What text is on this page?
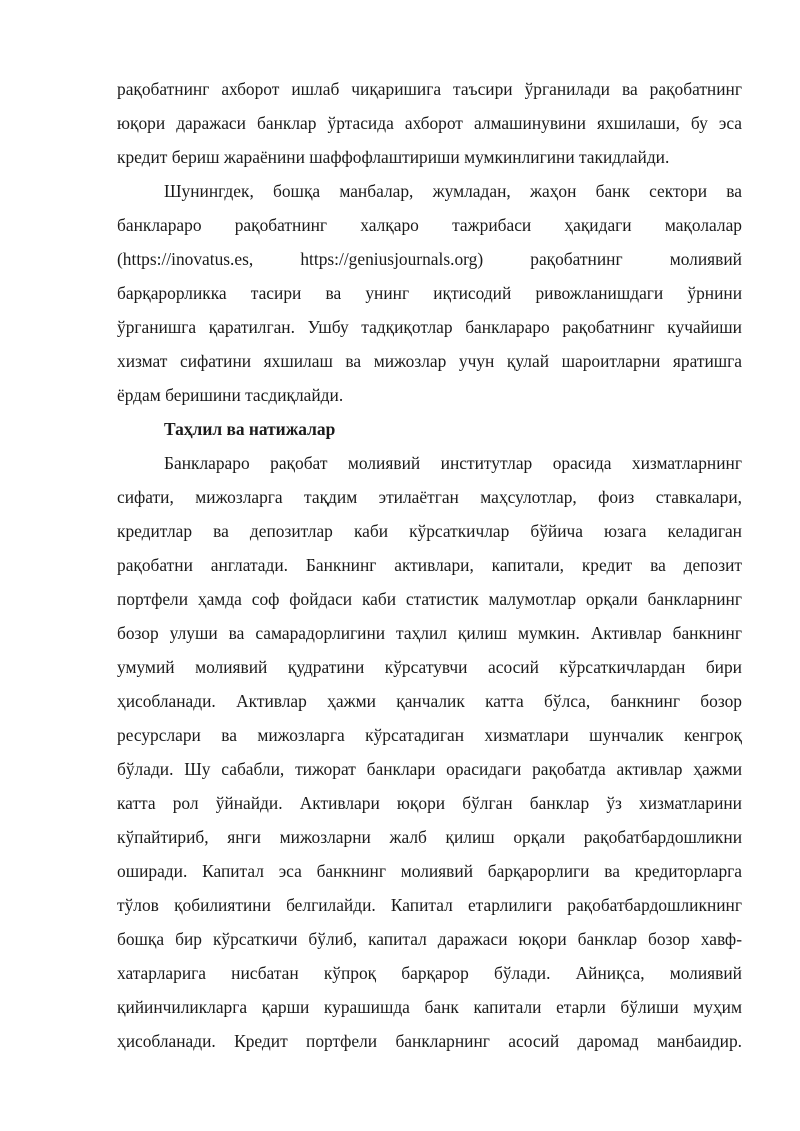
рақобатнинг ахборот ишлаб чиқаришига таъсири ўрганилади ва рақобатнинг
юқори даражаси банклар ўртасида ахборот алмашинувини яхшилаши, бу эса
кредит бериш жараёнини шаффофлаштириши мумкинлигини такидлайди.
Шунингдек, бошқа манбалар, жумладан, жаҳон банк сектори ва
банклараро рақобатнинг халқаро тажрибаси ҳақидаги мақолалар
(https://inovatus.es, https://geniusjournals.org) рақобатнинг молиявий
барқарорликка тасири ва унинг иқтисодий ривожланишдаги ўрнини
ўрганишга қаратилган. Ушбу тадқиқотлар банклараро рақобатнинг кучайиши
хизмат сифатини яхшилаш ва мижозлар учун қулай шароитларни яратишга
ёрдам беришини тасдиқлайди.
Таҳлил ва натижалар
Банклараро рақобат молиявий институтлар орасида хизматларнинг
сифати, мижозларга тақдим этилаётган маҳсулотлар, фоиз ставкалари,
кредитлар ва депозитлар каби кўрсаткичлар бўйича юзага келадиган
рақобатни англатади. Банкнинг активлари, капитали, кредит ва депозит
портфели ҳамда соф фойдаси каби статистик малумотлар орқали банкларнинг
бозор улуши ва самарадорлигини таҳлил қилиш мумкин. Активлар банкнинг
умумий молиявий қудратини кўрсатувчи асосий кўрсаткичлардан бири
ҳисобланади. Активлар ҳажми қанчалик катта бўлса, банкнинг бозор
ресурслари ва мижозларга кўрсатадиган хизматлари шунчалик кенгроқ
бўлади. Шу сабабли, тижорат банклари орасидаги рақобатда активлар ҳажми
катта рол ўйнайди. Активлари юқори бўлган банклар ўз хизматларини
кўпайтириб, янги мижозларни жалб қилиш орқали рақобатбардошликни
оширади. Капитал эса банкнинг молиявий барқарорлиги ва кредиторларга
тўлов қобилиятини белгилайди. Капитал етарлилиги рақобатбардошликнинг
бошқа бир кўрсаткичи бўлиб, капитал даражаси юқори банклар бозор хавф-
хатарларига нисбатан кўпроқ барқарор бўлади. Айниқса, молиявий
қийинчиликларга қарши курашишда банк капитали етарли бўлиши муҳим
ҳисобланади. Кредит портфели банкларнинг асосий даромад манбаидир.
